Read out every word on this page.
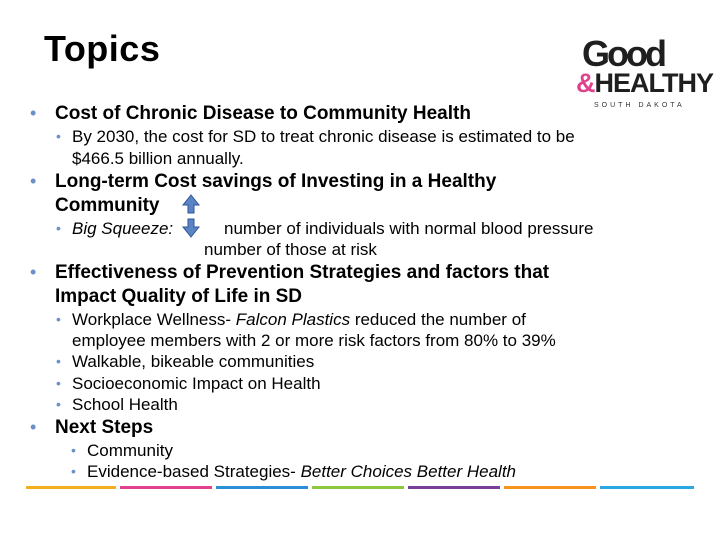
Topics	Good
&HEALTHY
SOUTH DAKOTA
• Cost of Chronic Disease to Community Health
• By 2030, the cost for SD to treat chronic disease is estimated to be
$466.5 billion annually.
• Long-term Cost savings of Investing in a Healthy
Community
• Big Squeeze:	number of individuals with normal blood pressure
number of those at risk
• Effectiveness of Prevention Strategies and factors that
Impact Quality of Life in SD
• Workplace Wellness- Falcon Plastics reduced the number of
employee members with 2 or more risk factors from 80% to 39%
• Walkable, bikeable communities
• Socioeconomic Impact on Health
• School Health
• Next Steps
• Community
• Evidence-based Strategies- Better Choices Better Health
